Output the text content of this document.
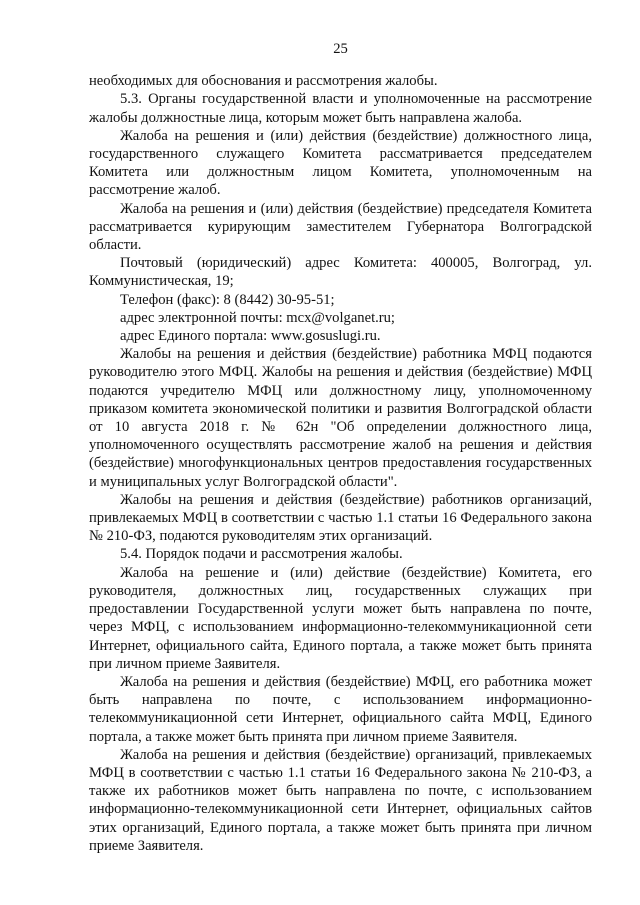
25

необходимых для обоснования и рассмотрения жалобы.

5.3. Органы государственной власти и уполномоченные на рассмотрение жалобы должностные лица, которым может быть направлена жалоба.

Жалоба на решения и (или) действия (бездействие) должностного лица, государственного служащего Комитета рассматривается председателем Комитета или должностным лицом Комитета, уполномоченным на рассмотрение жалоб.

Жалоба на решения и (или) действия (бездействие) председателя Комитета рассматривается курирующим заместителем Губернатора Волгоградской области.

Почтовый (юридический) адрес Комитета: 400005, Волгоград, ул. Коммунистическая, 19;

Телефон (факс): 8 (8442) 30-95-51;

адрес электронной почты: mcx@volganet.ru;

адрес Единого портала: www.gosuslugi.ru.

Жалобы на решения и действия (бездействие) работника МФЦ подаются руководителю этого МФЦ. Жалобы на решения и действия (бездействие) МФЦ подаются учредителю МФЦ или должностному лицу, уполномоченному приказом комитета экономической политики и развития Волгоградской области от 10 августа 2018 г. № 62н "Об определении должностного лица, уполномоченного осуществлять рассмотрение жалоб на решения и действия (бездействие) многофункциональных центров предоставления государственных и муниципальных услуг Волгоградской области".

Жалобы на решения и действия (бездействие) работников организаций, привлекаемых МФЦ в соответствии с частью 1.1 статьи 16 Федерального закона № 210-ФЗ, подаются руководителям этих организаций.

5.4. Порядок подачи и рассмотрения жалобы.

Жалоба на решение и (или) действие (бездействие) Комитета, его руководителя, должностных лиц, государственных служащих при предоставлении Государственной услуги может быть направлена по почте, через МФЦ, с использованием информационно-телекоммуникационной сети Интернет, официального сайта, Единого портала, а также может быть принята при личном приеме Заявителя.

Жалоба на решения и действия (бездействие) МФЦ, его работника может быть направлена по почте, с использованием информационно-телекоммуникационной сети Интернет, официального сайта МФЦ, Единого портала, а также может быть принята при личном приеме Заявителя.

Жалоба на решения и действия (бездействие) организаций, привлекаемых МФЦ в соответствии с частью 1.1 статьи 16 Федерального закона № 210-ФЗ, а также их работников может быть направлена по почте, с использованием информационно-телекоммуникационной сети Интернет, официальных сайтов этих организаций, Единого портала, а также может быть принята при личном приеме Заявителя.
